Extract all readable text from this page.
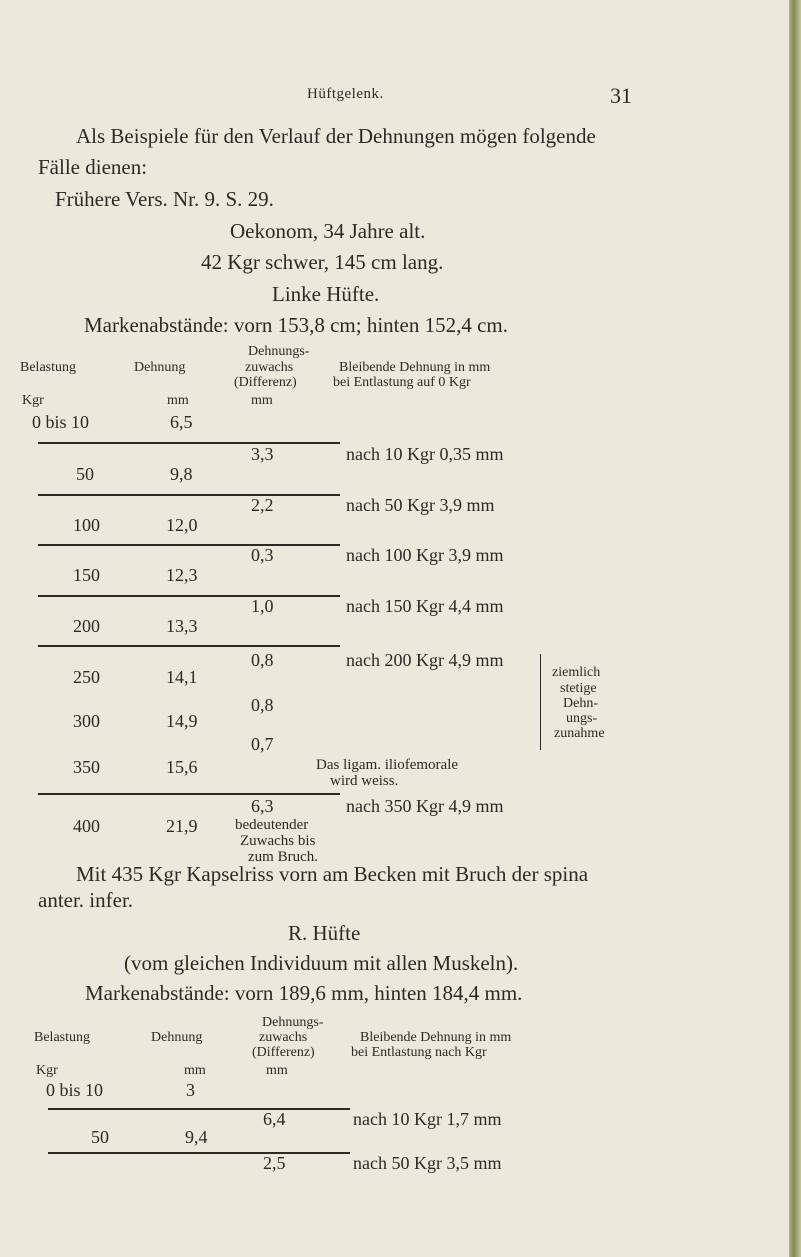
Hüftgelenk.	31
Als Beispiele für den Verlauf der Dehnungen mögen folgende
Fälle dienen:
Frühere Vers. Nr. 9. S. 29.
Oekonom, 34 Jahre alt.
42 Kgr schwer, 145 cm lang.
Linke Hüfte.
Markenabstände: vorn 153,8 cm; hinten 152,4 cm.
Belastung	Dehnung
Dehnungs-
zuwachs
(Differenz)
Bleibende Dehnung in mm
bei Entlastung auf 0 Kgr
Kgr	mm	mm
0 bis 10	6,5
3,3	nach 10 Kgr 0,35 mm
50	9,8
2,2	nach 50 Kgr 3,9 mm
100	12,0
0,3	nach 100 Kgr 3,9 mm
150	12,3
1,0	nach 150 Kgr 4,4 mm
200	13,3
0,8	nach 200 Kgr 4,9 mm
250	14,1
0,8
300	14,9
0,7
350	15,6
ziemlich
stetige
Dehn-
ungs-
zunahme
Das ligam. iliofemorale
wird weiss.
6,3	nach 350 Kgr 4,9 mm
400	21,9	bedeutender
Zuwachs bis
zum Bruch.
Mit 435 Kgr Kapselriss vorn am Becken mit Bruch der spina
anter. infer.
R. Hüfte
(vom gleichen Individuum mit allen Muskeln).
Markenabstände: vorn 189,6 mm, hinten 184,4 mm.
Dehnungs-
zuwachs
(Differenz)
Belastung	Dehnung	Bleibende Dehnung in mm
bei Entlastung nach Kgr
Kgr	mm	mm
0 bis 10	3
6,4	nach 10 Kgr 1,7 mm
50	9,4
2,5	nach 50 Kgr 3,5 mm
